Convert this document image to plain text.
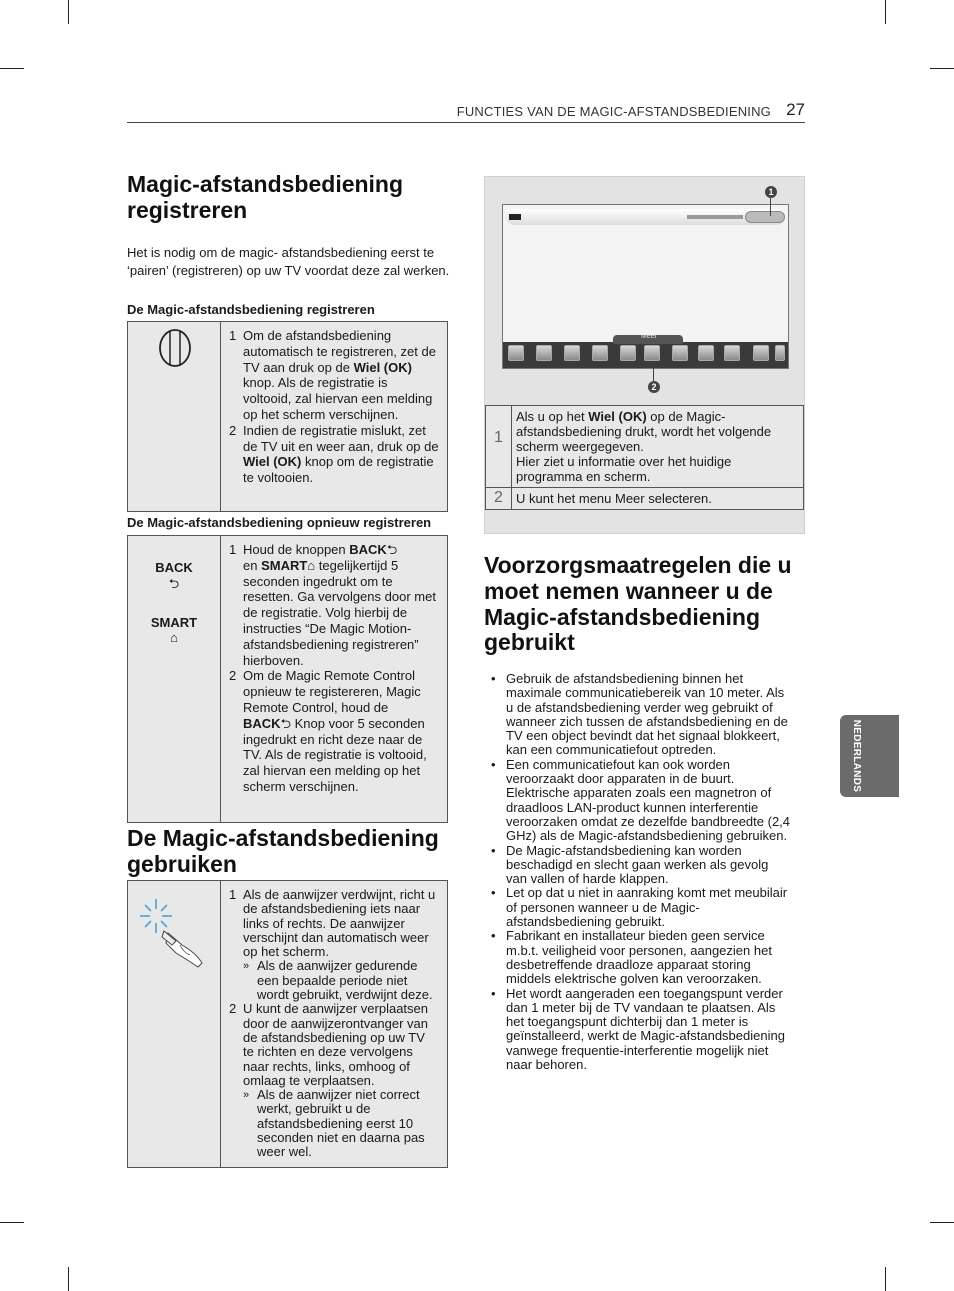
FUNCTIES VAN DE MAGIC-AFSTANDSBEDIENING 27
Magic-afstandsbediening registreren
Het is nodig om de magic- afstandsbediening eerst te ‘pairen’ (registreren) op uw TV voordat deze zal werken.
De Magic-afstandsbediening registreren
1 Om de afstandsbediening automatisch te registreren, zet de TV aan druk op de Wiel (OK) knop. Als de registratie is voltooid, zal hiervan een melding op het scherm verschijnen.
2 Indien de registratie mislukt, zet de TV uit en weer aan, druk op de Wiel (OK) knop om de registratie te voltooien.
De Magic-afstandsbediening opnieuw registreren
BACK
⮌
SMART
⌂
1 Houd de knoppen BACK⮌
en SMART⌂ tegelijkertijd 5 seconden ingedrukt om te resetten. Ga vervolgens door met de registratie. Volg hierbij de instructies “De Magic Motion-afstandsbediening registreren” hierboven.
2 Om de Magic Remote Control opnieuw te registereren, Magic Remote Control, houd de BACK⮌ Knop voor 5 seconden ingedrukt en richt deze naar de TV. Als de registratie is voltooid, zal hiervan een melding op het scherm verschijnen.
De Magic-afstandsbediening gebruiken
1 Als de aanwijzer verdwijnt, richt u de afstandsbediening iets naar links of rechts. De aanwijzer verschijnt dan automatisch weer op het scherm.
» Als de aanwijzer gedurende een bepaalde periode niet wordt gebruikt, verdwijnt deze.
2 U kunt de aanwijzer verplaatsen door de aanwijzerontvanger van de afstandsbediening op uw TV te richten en deze vervolgens naar rechts, links, omhoog of omlaag te verplaatsen.
» Als de aanwijzer niet correct werkt, gebruikt u de afstandsbediening eerst 10 seconden niet en daarna pas weer wel.
Meer
1
2
1	Als u op het Wiel (OK) op de Magic-afstandsbediening drukt, wordt het volgende scherm weergegeven.
Hier ziet u informatie over het huidige programma en scherm.
2	U kunt het menu Meer selecteren.
Voorzorgsmaatregelen die u moet nemen wanneer u de Magic-afstandsbediening gebruikt
• Gebruik de afstandsbediening binnen het maximale communicatiebereik van 10 meter. Als u de afstandsbediening verder weg gebruikt of wanneer zich tussen de afstandsbediening en de TV een object bevindt dat het signaal blokkeert, kan een communicatiefout optreden.
• Een communicatiefout kan ook worden veroorzaakt door apparaten in de buurt. Elektrische apparaten zoals een magnetron of draadloos LAN-product kunnen interferentie veroorzaken omdat ze dezelfde bandbreedte (2,4 GHz) als de Magic-afstandsbediening gebruiken.
• De Magic-afstandsbediening kan worden beschadigd en slecht gaan werken als gevolg van vallen of harde klappen.
• Let op dat u niet in aanraking komt met meubilair of personen wanneer u de Magic-afstandsbediening gebruikt.
• Fabrikant en installateur bieden geen service m.b.t. veiligheid voor personen, aangezien het desbetreffende draadloze apparaat storing middels elektrische golven kan veroorzaken.
• Het wordt aangeraden een toegangspunt verder dan 1 meter bij de TV vandaan te plaatsen. Als het toegangspunt dichterbij dan 1 meter is geïnstalleerd, werkt de Magic-afstandsbediening vanwege frequentie-interferentie mogelijk niet naar behoren.
NEDERLANDS
